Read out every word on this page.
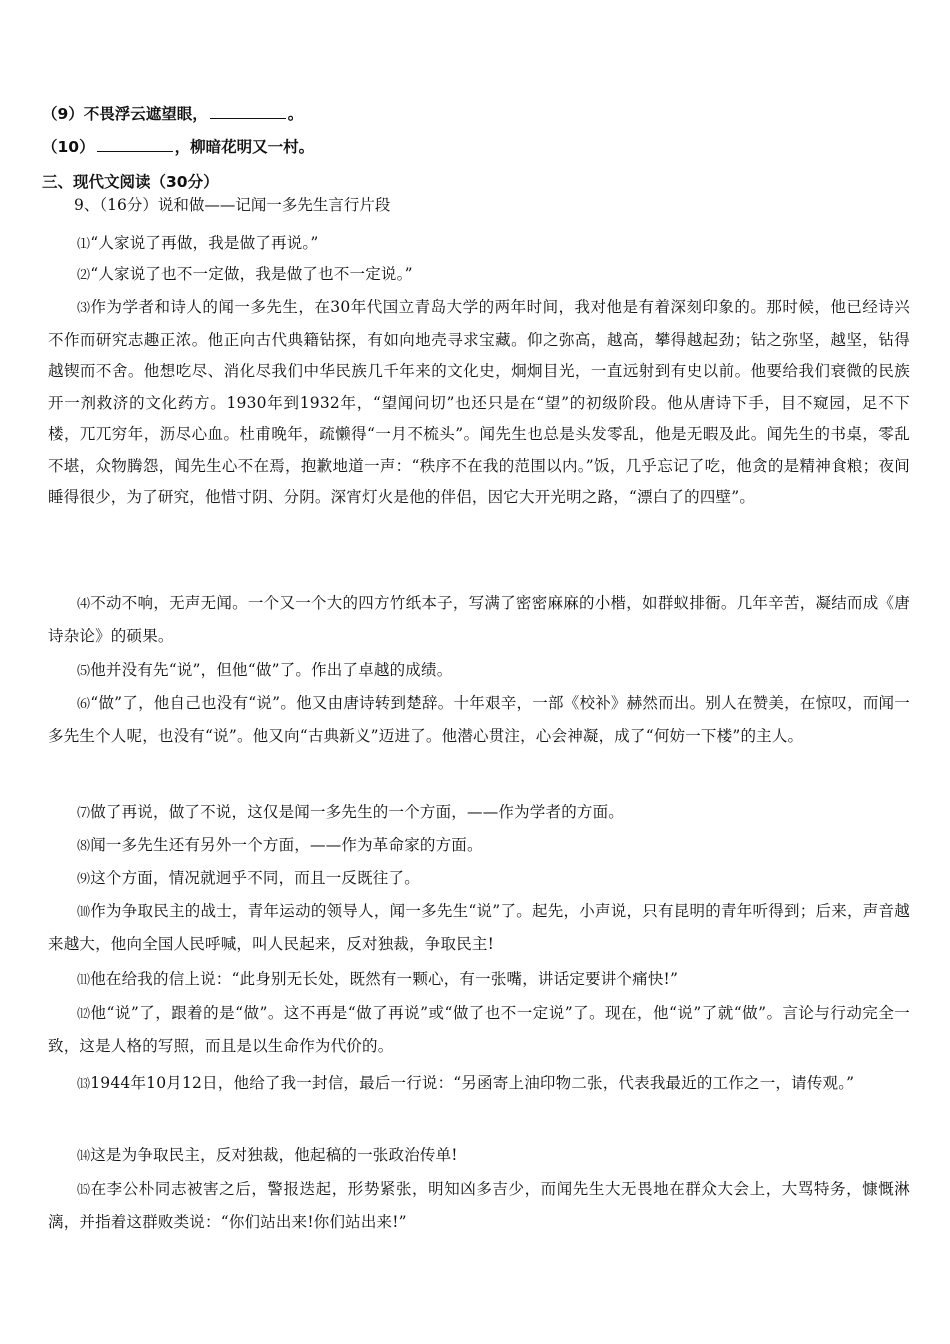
（9）不畏浮云遮望眼，	。
（10）	，柳暗花明又一村。
三、现代文阅读（30分）
9、（16分）说和做——记闻一多先生言行片段
⑴“人家说了再做，我是做了再说。”
⑵“人家说了也不一定做，我是做了也不一定说。”
⑶作为学者和诗人的闻一多先生，在30年代国立青岛大学的两年时间，我对他是有着深刻印象的。那时候，他已经诗兴不作而研究志趣正浓。他正向古代典籍钻探，有如向地壳寻求宝藏。仰之弥高，越高，攀得越起劲；钻之弥坚，越坚，钻得越锲而不舍。他想吃尽、消化尽我们中华民族几千年来的文化史，炯炯目光，一直远射到有史以前。他要给我们衰微的民族开一剂救济的文化药方。1930年到1932年，“望闻问切”也还只是在“望”的初级阶段。他从唐诗下手，目不窥园，足不下楼，兀兀穷年，沥尽心血。杜甫晚年，疏懒得“一月不梳头”。闻先生也总是头发零乱，他是无暇及此。闻先生的书桌，零乱不堪，众物腾怨，闻先生心不在焉，抱歉地道一声：“秩序不在我的范围以内。”饭，几乎忘记了吃，他贪的是精神食粮；夜间睡得很少，为了研究，他惜寸阴、分阴。深宵灯火是他的伴侣，因它大开光明之路，“漂白了的四壁”。
⑷不动不响，无声无闻。一个又一个大的四方竹纸本子，写满了密密麻麻的小楷，如群蚁排衙。几年辛苦，凝结而成《唐诗杂论》的硕果。
⑸他并没有先“说”，但他“做”了。作出了卓越的成绩。
⑹“做”了，他自己也没有“说”。他又由唐诗转到楚辞。十年艰辛，一部《校补》赫然而出。别人在赞美，在惊叹，而闻一多先生个人呢，也没有“说”。他又向“古典新义”迈进了。他潜心贯注，心会神凝，成了“何妨一下楼”的主人。
⑺做了再说，做了不说，这仅是闻一多先生的一个方面，——作为学者的方面。
⑻闻一多先生还有另外一个方面，——作为革命家的方面。
⑼这个方面，情况就迥乎不同，而且一反既往了。
⑽作为争取民主的战士，青年运动的领导人，闻一多先生“说”了。起先，小声说，只有昆明的青年听得到；后来，声音越来越大，他向全国人民呼喊，叫人民起来，反对独裁，争取民主!
⑾他在给我的信上说：“此身别无长处，既然有一颗心，有一张嘴，讲话定要讲个痛快!”
⑿他“说”了，跟着的是“做”。这不再是“做了再说”或“做了也不一定说”了。现在，他“说”了就“做”。言论与行动完全一致，这是人格的写照，而且是以生命作为代价的。
⒀1944年10月12日，他给了我一封信，最后一行说：“另函寄上油印物二张，代表我最近的工作之一，请传观。”
⒁这是为争取民主，反对独裁，他起稿的一张政治传单!
⒂在李公朴同志被害之后，警报迭起，形势紧张，明知凶多吉少，而闻先生大无畏地在群众大会上，大骂特务，慷慨淋漓，并指着这群败类说：“你们站出来!你们站出来!”
